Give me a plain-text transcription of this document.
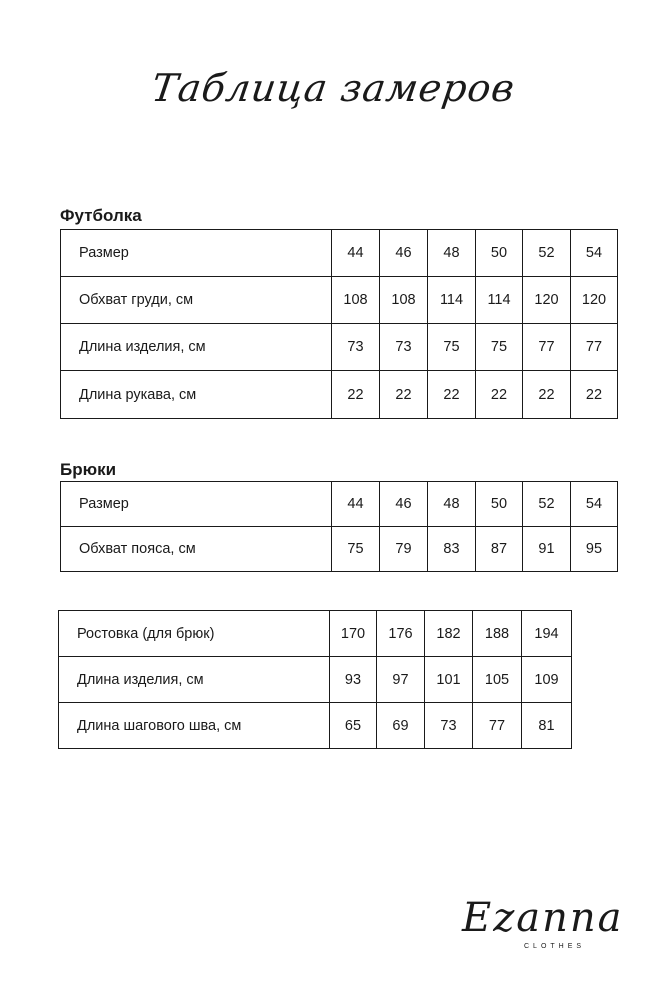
Таблица замеров
Футболка
Размер	44	46	48	50	52	54
Обхват груди, см	108	108	114	114	120	120
Длина изделия, см	73	73	75	75	77	77
Длина рукава, см	22	22	22	22	22	22
Брюки
Размер	44	46	48	50	52	54
Обхват пояса, см	75	79	83	87	91	95
Ростовка (для брюк)	170	176	182	188	194
Длина изделия, см	93	97	101	105	109
Длина шагового шва, см	65	69	73	77	81
Ezanna
CLOTHES
